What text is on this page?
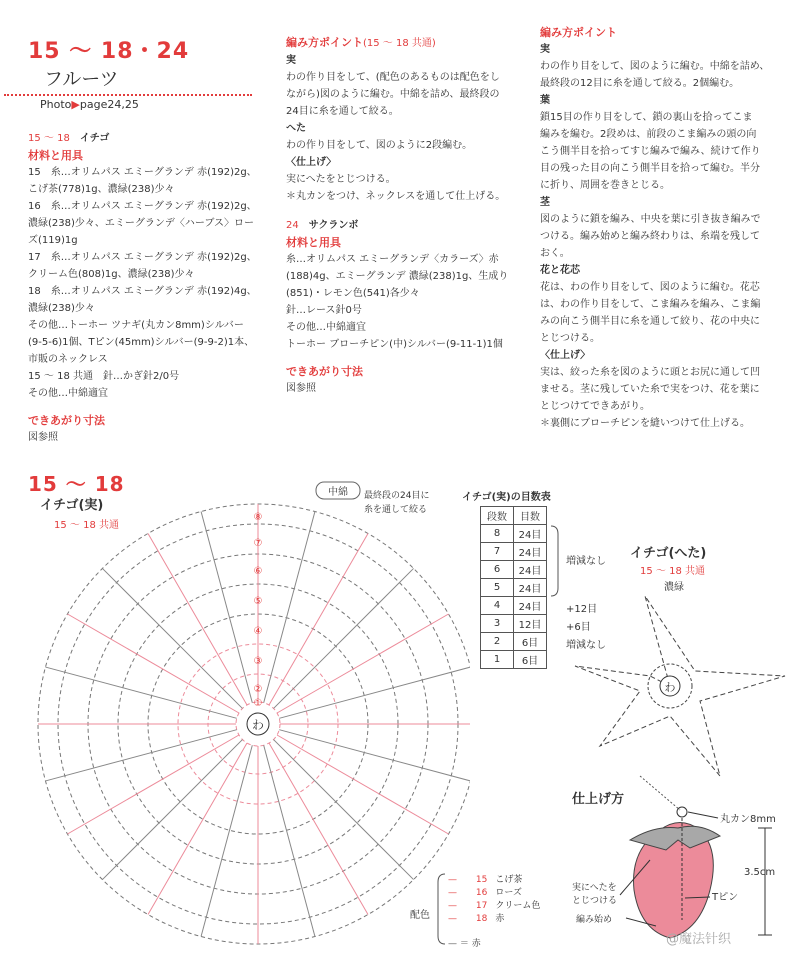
15 ～ 18・24
フルーツ
Photo▶page24,25

15 ～ 18　 イチゴ

材料と用具

15　糸…オリムパス エミーグランデ 赤(192)2g、

こげ茶(778)1g、濃緑(238)少々

16　糸…オリムパス エミーグランデ 赤(192)2g、

濃緑(238)少々、エミーグランデ〈ハーブス〉ロー

ズ(119)1g

17　糸…オリムパス エミーグランデ 赤(192)2g、

クリーム色(808)1g、濃緑(238)少々

18　糸…オリムパス エミーグランデ 赤(192)4g、

濃緑(238)少々

その他…トーホー ツナギ(丸カン8mm)シルバー

(9-5-6)1個、Tピン(45mm)シルバー(9-9-2)1本、

市販のネックレス

15 ～ 18 共通　針…かぎ針2/0号

その他…中綿適宜

できあがり寸法

図参照

編み方ポイント(15 ～ 18 共通)

実

わの作り目をして、(配色のあるものは配色をし

ながら)図のように編む。中綿を詰め、最終段の

24目に糸を通して絞る。

へた

わの作り目をして、図のように2段編む。

〈仕上げ〉

実にへたをとじつける。

＊丸カンをつけ、ネックレスを通して仕上げる。

24　 サクランボ

材料と用具

糸…オリムパス エミーグランデ〈カラーズ〉赤

(188)4g、エミーグランデ 濃緑(238)1g、生成り

(851)・レモン色(541)各少々

針…レース針0号

その他…中綿適宜

トーホー ブローチピン(中)シルバー(9-11-1)1個

できあがり寸法

図参照

編み方ポイント

実

わの作り目をして、図のように編む。中綿を詰め、

最終段の12目に糸を通して絞る。2個編む。

葉

鎖15目の作り目をして、鎖の裏山を拾ってこま

編みを編む。2段めは、前段のこま編みの頭の向

こう側半目を拾ってすじ編みで編み、続けて作り

目の残った目の向こう側半目を拾って編む。半分

に折り、周囲を巻きとじる。

茎

図のように鎖を編み、中央を葉に引き抜き編みで

つける。編み始めと編み終わりは、糸端を残して

おく。

花と花芯

花は、わの作り目をして、図のように編む。花芯

は、わの作り目をして、こま編みを編み、こま編

みの向こう側半目に糸を通して絞り、花の中央に

とじつける。

〈仕上げ〉

実は、絞った糸を図のように頭とお尻に通して凹

ませる。茎に残していた糸で実をつけ、花を葉に

とじつけてできあがり。

＊裏側にブローチピンを縫いつけて仕上げる。

15 ～ 18
イチゴ(実)
15 ～ 18 共通
中綿 最終段の24目に
糸を通して絞る
わ
⑧
⑦
⑥
⑤
④
③
②
①
イチゴ(実)の目数表
段数	目数
8	24目
7	24目
6	24目
5	24目
4	24目
3	12目
2	6目
1	6目
増減なし
+12目
+6目
増減なし
イチゴ(へた)
15 ～ 18 共通
濃緑
わ
仕上げ方
丸カン8mm
3.5cm
実にへたを
とじつける	Tピン
編み始め
配色
— 15 こげ茶
— 16 ローズ
— 17 クリーム色
— 18 赤
— ＝ 赤	@魔法针织
